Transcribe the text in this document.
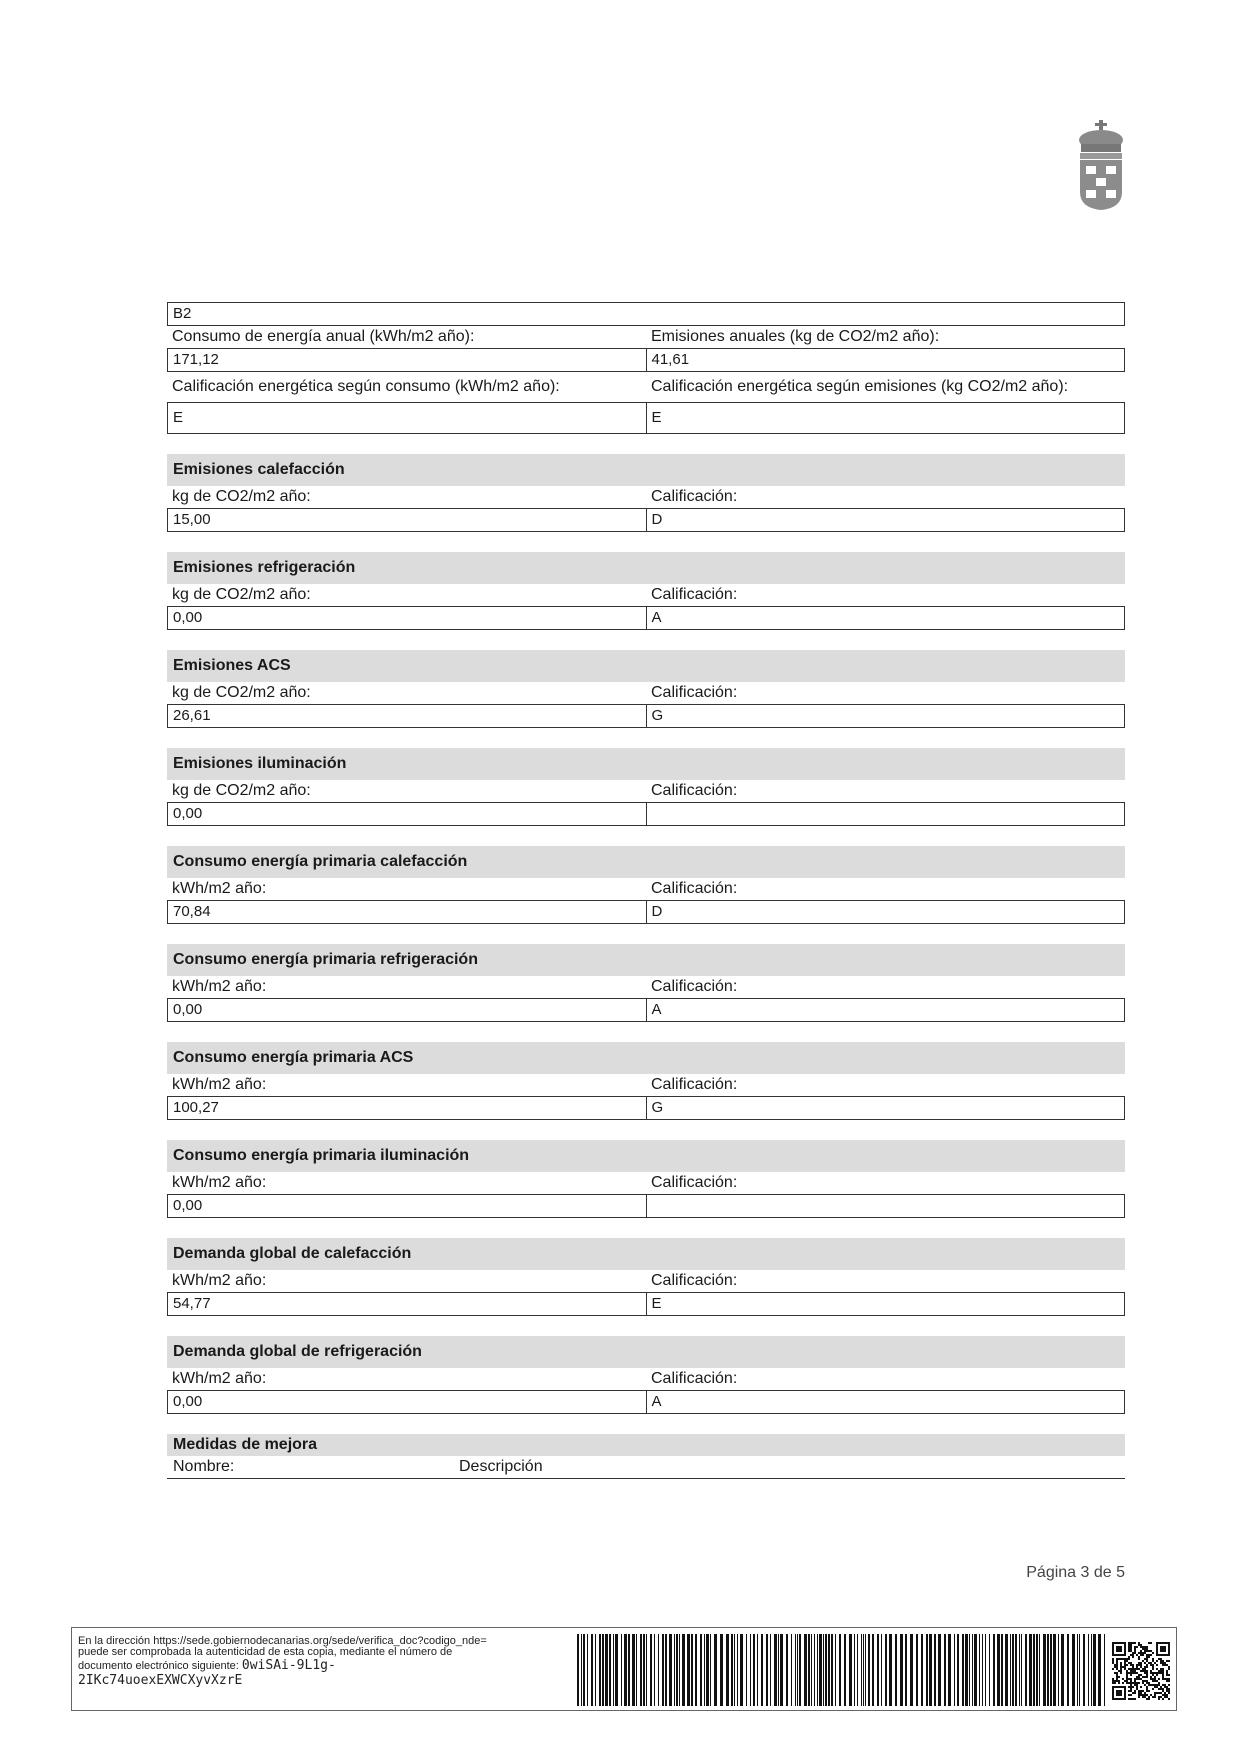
B2
Consumo de energía anual (kWh/m2 año):	Emisiones anuales (kg de CO2/m2 año):
171,12	41,61
Calificación energética según consumo (kWh/m2 año):	Calificación energética según emisiones (kg CO2/m2 año):
E	E
Emisiones calefacción
kg de CO2/m2 año:	Calificación:
15,00	D
Emisiones refrigeración
kg de CO2/m2 año:	Calificación:
0,00	A
Emisiones ACS
kg de CO2/m2 año:	Calificación:
26,61	G
Emisiones iluminación
kg de CO2/m2 año:	Calificación:
0,00
Consumo energía primaria calefacción
kWh/m2 año:	Calificación:
70,84	D
Consumo energía primaria refrigeración
kWh/m2 año:	Calificación:
0,00	A
Consumo energía primaria ACS
kWh/m2 año:	Calificación:
100,27	G
Consumo energía primaria iluminación
kWh/m2 año:	Calificación:
0,00
Demanda global de calefacción
kWh/m2 año:	Calificación:
54,77	E
Demanda global de refrigeración
kWh/m2 año:	Calificación:
0,00	A
Medidas de mejora
Nombre:	Descripción
Página 3 de 5
En la dirección https://sede.gobiernodecanarias.org/sede/verifica_doc?codigo_nde=
puede ser comprobada la autenticidad de esta copia, mediante el número de
documento electrónico siguiente: 0wiSAi-9L1g-
2IKc74uoexEXWCXyvXzrE
